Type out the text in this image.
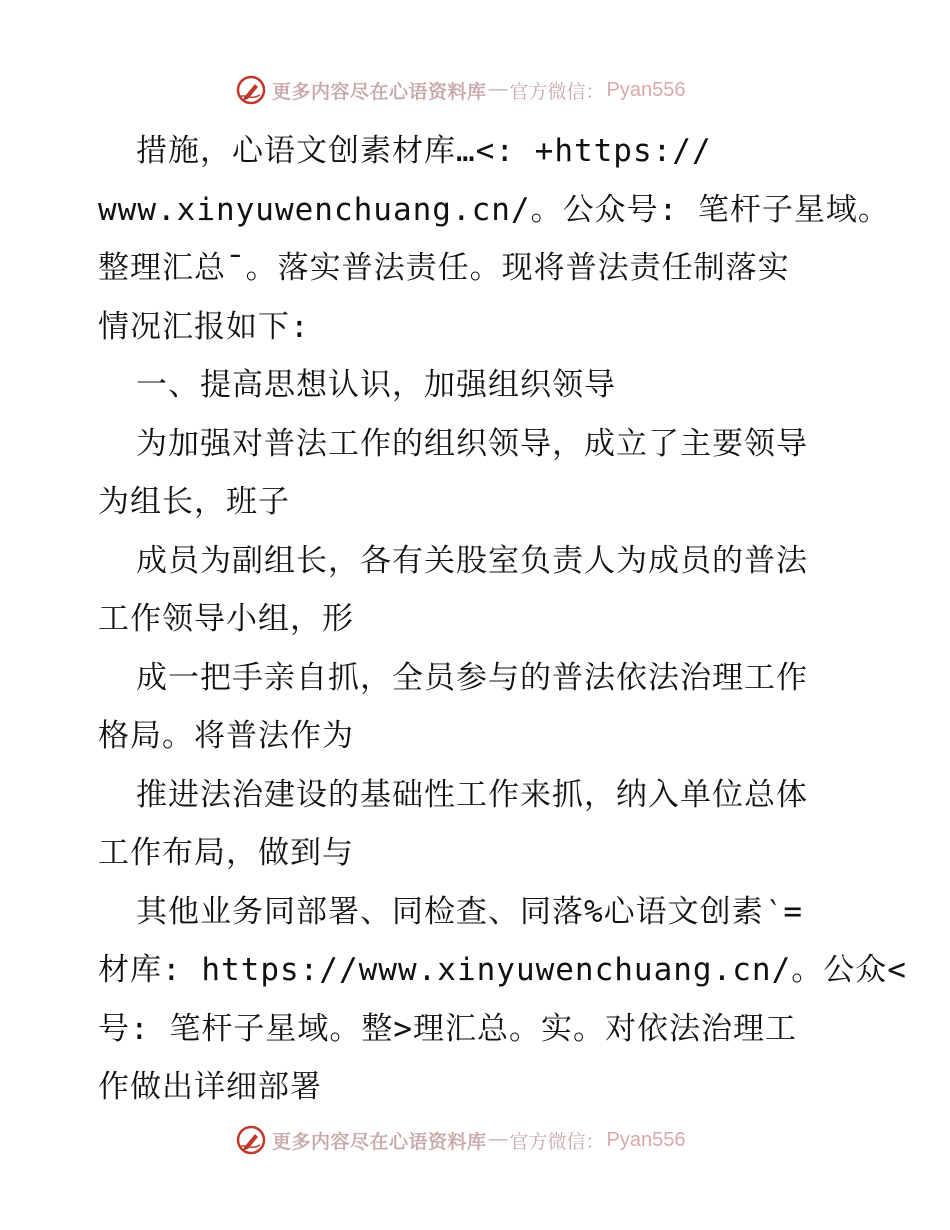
更多内容尽在心语资料库 — 官方微信： Pyan556
措施，心语文创素材库…<: +https://
www.xinyuwenchuang.cn/。公众号: 笔杆子星域。
整理汇总¯。落实普法责任。现将普法责任制落实
情况汇报如下:
一、提高思想认识，加强组织领导
为加强对普法工作的组织领导，成立了主要领导
为组长，班子
成员为副组长，各有关股室负责人为成员的普法
工作领导小组，形
成一把手亲自抓，全员参与的普法依法治理工作
格局。将普法作为
推进法治建设的基础性工作来抓，纳入单位总体
工作布局，做到与
其他业务同部署、同检查、同落%心语文创素‵=
材库: https://www.xinyuwenchuang.cn/。公众<
号: 笔杆子星域。整>理汇总。实。对依法治理工
作做出详细部署
更多内容尽在心语资料库 — 官方微信： Pyan556
